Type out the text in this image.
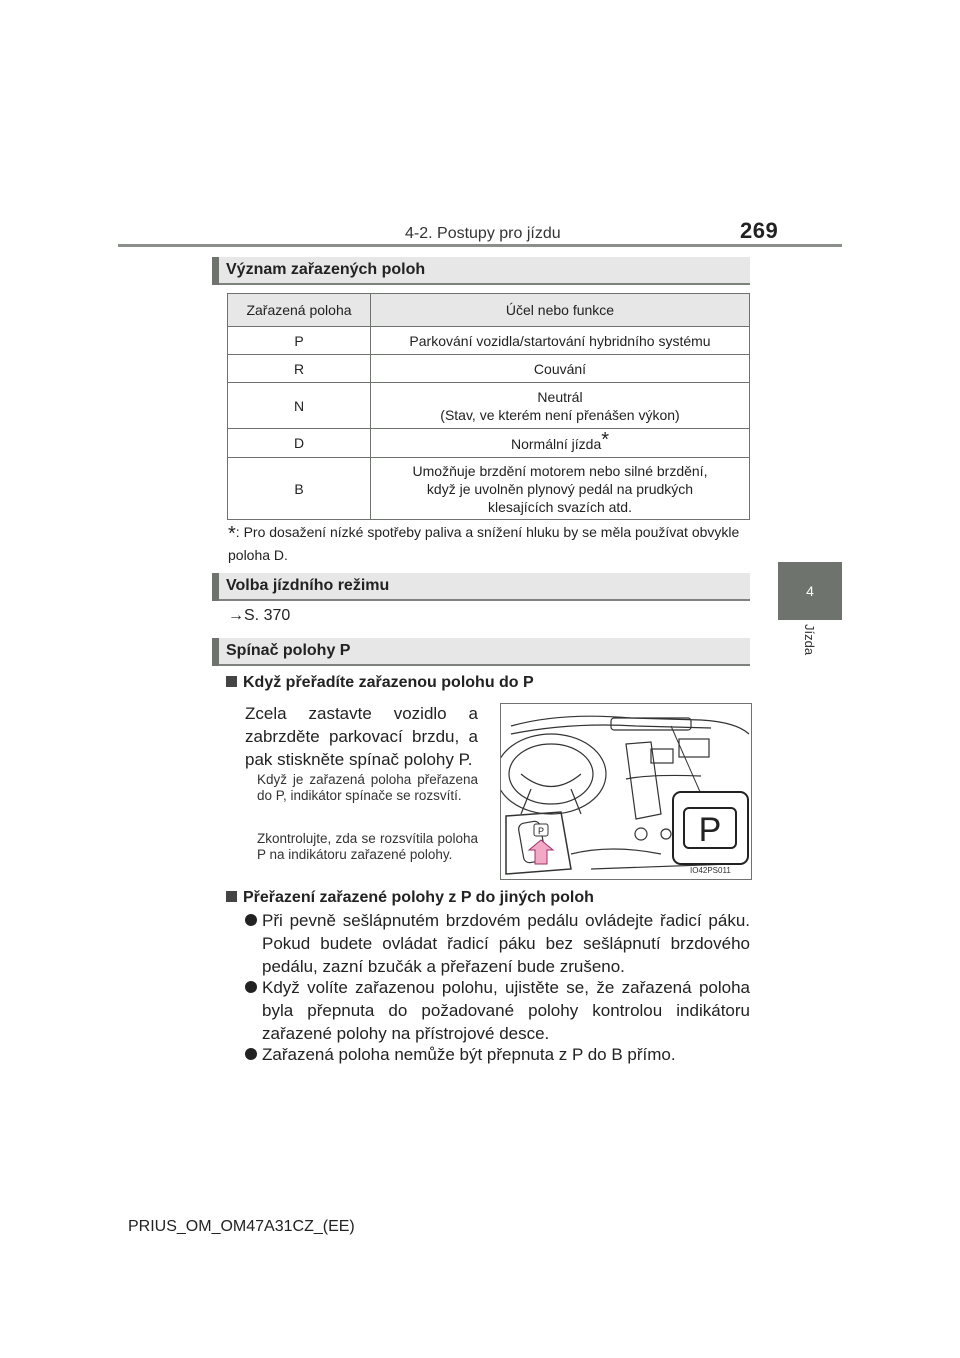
4-2. Postupy pro jízdu	269
4
Jízda
Význam zařazených poloh
Zařazená poloha	Účel nebo funkce
P	Parkování vozidla/startování hybridního systému
R	Couvání
N	Neutrál
(Stav, ve kterém není přenášen výkon)

D	Normální jízda*
B	Umožňuje brzdění motorem nebo silné brzdění,
když je uvolněn plynový pedál na prudkých
klesajících svazích atd.
*: Pro dosažení nízké spotřeby paliva a snížení hluku by se měla používat obvykle poloha D.
Volba jízdního režimu
→S. 370
Spínač polohy P
Když přeřadíte zařazenou polohu do P
Zcela zastavte vozidlo a zabrzděte parkovací brzdu, a pak stiskněte spínač polohy P.
Když je zařazená poloha přeřazena do P, indikátor spínače se rozsvítí.
Zkontrolujte, zda se rozsvítila poloha P na indikátoru zařazené polohy.
P	P
IO42PS011
Přeřazení zařazené polohy z P do jiných poloh
Při pevně sešlápnutém brzdovém pedálu ovládejte řadicí páku. Pokud budete ovládat řadicí páku bez sešlápnutí brzdového pedálu, zazní bzučák a přeřazení bude zrušeno.
Když volíte zařazenou polohu, ujistěte se, že zařazená poloha byla přepnuta do požadované polohy kontrolou indikátoru zařazené polohy na přístrojové desce.
Zařazená poloha nemůže být přepnuta z P do B přímo.
PRIUS_OM_OM47A31CZ_(EE)
